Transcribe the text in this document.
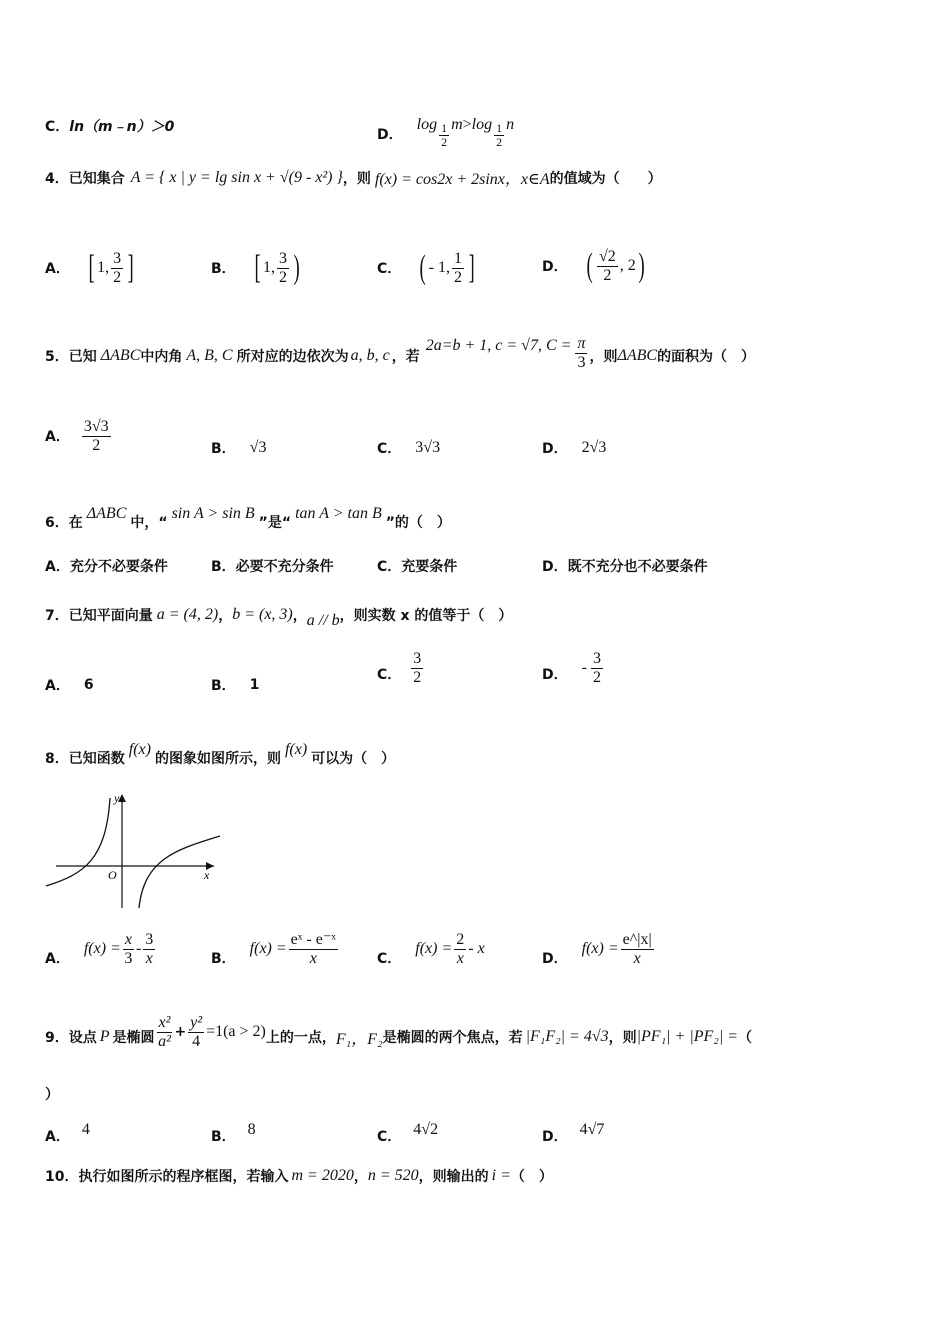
C．ln（m﹣n）＞0	D．
$\log \frac{1}{2}$ $m > \log \frac{1}{2}$ n
4．已知集合 A = { x | y = lg sin x + √(9 - x²) } ，则 f(x) = cos2x + 2sinx，x∈A 的值域为（　　）
A． [ 1, $\frac{3}{2}$ ]	B． [ 1, $\frac{3}{2}$ )	C． ( - 1, $\frac{1}{2}$ ]	D． ( $\frac{√2}{2}$ , 2 )
5．已知 ΔABC 中内角 A, B, C 所对应的边依次为 a, b, c ，若
2a=b + 1, c = √7, $C = \frac{\pi}{3}$ ，则 ΔABC 的面积为（　）
A． $\frac{3√3}{2}$	B． √3	C． 3√3	D． 2√3
6．在
ΔABC
中，“
sin A > sin B
”是“
tan A > tan B
”的（　）
A．充分不必要条件	B．必要不充分条件	C．充要条件	D．既不充分也不必要条件
7．已知平面向量 a = (4, 2) ， b = (x, 3) ， a // b ，则实数 x 的值等于（　）
A． 6	B． 1
C． $\frac{3}{2}$	D． - $\frac{3}{2}$
8．已知函数
f(x)
的图象如图所示，则
f(x)
可以为（　）
y
x
O
A．
$f(x) = \frac{x}{3} - \frac{3}{x}$	B．
$f(x) = \frac{\text{eˣ - e⁻ˣ}}{x}$	C．
$f(x) = \frac{2}{x} - x$
D．
$f(x) = \frac{e\^{}|x|}{x}$
9．设点 P 是椭圆 $\frac{\text{x²}}{\text{a²}} + \frac{\text{y²}}{4} =1(a > 2)$ 上的一点， F₁，F₂ 是椭圆的两个焦点，若 |F₁F₂| = 4√3 ，则 |PF₁| + |PF₂| = （
）
A． 4	B． 8	C． 4√2	D． 4√7
10．执行如图所示的程序框图，若输入 m = 2020 ， n = 520 ，则输出的 i = （　）
